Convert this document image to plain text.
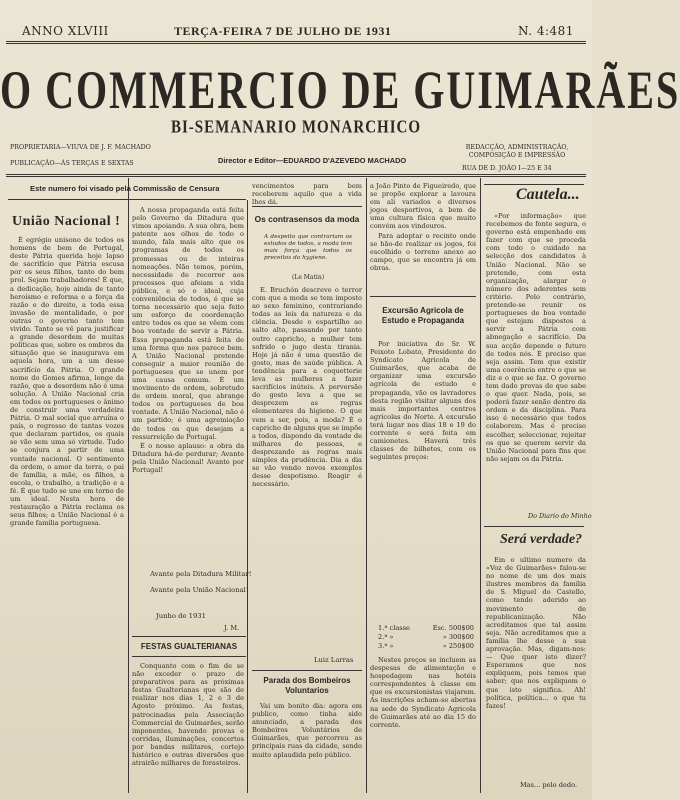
ANNO XLVIII	TERÇA-FEIRA 7 DE JULHO DE 1931	N. 4:481
O COMMERCIO DE GUIMARÃES
BI-SEMANARIO MONARCHICO
PROPRIETARIA—VIUVA DE J. F. MACHADO
PUBLICAÇÃO—ÁS TERÇAS E SEXTAS	Director e Editor—EDUARDO D'AZEVEDO MACHADO
REDACÇÃO, ADMINISTRAÇÃO, COMPOSIÇÃO E IMPRESSÃO
RUA DE D. JOÃO I—25 E 34
Este numero foi visado pela Commissão de Censura
União Nacional !

É egrégio unisono de todos os homens de bem de Portugal, deste Pátria querida hoje lapso de sacrifício que Pátria escusa por os seus filhos, tanto do bem prol. Sejam trabalhadores! É que, a dedicação, hoje ainda de tanto heroísmo e reforma e a força da razão e do direito, a toda essa invasão de mentalidade, o por outras o governo tanto tem vivido. Tanto se vê para justificar a grande desordem de muitas políticas que, sobre os ombros da situação que se inaugurava em aquela hora, um a um desse sacrifício da Pátria. O grande nome do Gomes afirma, longe da razão, que a desordem não é uma solução. A União Nacional cria em todos os portugueses o ânimo de construir uma verdadeira Pátria. O mal social que arruína o país, o regresso de tantas vozes que declaram partidos, os quais se vão sem uma só virtude. Tudo se conjura a partir de uma vontade nacional. O sentimento da ordem, o amor da terra, o pai de família, a mãe, os filhos, a escola, o trabalho, a tradição e a fé. É que tudo se une em torno de um ideal. Nesta hora de restauração a Pátria reclama os seus filhos; a União Nacional é a grande família portuguesa.

A nossa propaganda está feita pelo Governo da Ditadura que vimos apoiando. A sua obra, bem patente aos olhos de todo o mundo, fala mais alto que os programas de todos os promessas ou de inteiras nomeações. Não temos, porém, necessidade de recorrer aos processos que afeiam a vida pública, e só o ideal, cuja conveniência de todos, é que se torna necessário que seja feito um esforço de coordenação entre todos os que se vêem com boa vontade de servir a Pátria. Essa propaganda está feita de uma forma que nos parece bem. A União Nacional pretende conseguir a maior reunião de portugueses que se unem por uma causa comum. É um movimento de ordem, sobretudo de ordem moral, que abrange todos os portugueses de boa vontade. A União Nacional, não é um partido; é uma agremiação de todos os que desejam a ressurreição de Portugal.

É o nosso aplauso: a obra da Ditadura há-de perdurar; Avante pela União Nacional! Avante por Portugal!

Avante pela Ditadura Militar!
Avante pela União Nacional!
Junho de 1931
J. M.
FESTAS GUALTERIANAS

Conquanto com o fim de se não exceder o prazo de preparativos para as próximas festas Gualterianas que são de realizar nos dias 1, 2 e 3 de Agosto próximo. As festas, patrocinadas pela Associação Commercial de Guimarães, serão imponentes, havendo provas e corridas, iluminações, concertos por bandas militares, cortejo histórico e outras diversões que atrairão milhares de forasteiros.

vencimentos para bem receberem aquilo que a vida lhes dá.

Os contrasensos da moda

A despeito que contrariam os estudos de todos, a moda tem mais força que todos os preceitos da hygiene.

(Le Matin)

E. Bruchón descreve o terror com que a moda se tem imposto ao sexo feminino, contrariando todas as leis da natureza e da ciência. Desde o espartilho ao salto alto, passando por tanto outro capricho, a mulher tem sofrido o jugo desta tirania. Hoje já não é uma questão de gosto, mas de saúde pública. A tendência para a coquetterie leva as mulheres a fazer sacrifícios inúteis. A perversão do gosto leva a que se desprezem as regras elementares da higiene. O que vem a ser, pois, a moda? É o capricho de alguns que se impõe a todos, dispondo da vontade de milhares de pessoas, e desprezando as regras mais simples da prudência. Dia a dia se vão vendo novos exemplos desse despotismo. Reagir é necessário.

Luiz Larras
Parada dos Bombeiros Voluntarios

Vai um bonito dia: agora em publico, como tinha sido anunciado, a parada dos Bombeiros Voluntários de Guimarães, que percorreu as principais ruas da cidade, sendo muito aplaudida pelo público.

a João Pinto de Figueiredo, que se propõe explorar a lavoura em ali variados e diversos jogos desportivos, a bem de uma cultura física que muito convém aos vindouros.

Para adoptar o recinto onde se hão-de realizar os jogos, foi escolhido o terreno anexo ao campo, que se encontra já em obras.

Excursão Agricola de Estudo e Propaganda

Por iniciativa do Sr. W. Peixoto Lobato, Presidente do Syndicato Agricola de Guimarães, que acaba de organizar uma excursão agrícola de estudo e propaganda, vão os lavradores desta região visitar alguns dos mais importantes centros agrícolas do Norte. A excursão terá lugar nos dias 18 e 19 do corrente e será feita em camionetes. Haverá três classes de bilhetes, com os seguintes preços:

1.ª classe	Esc. 500$00
2.ª »	» 300$00
3.ª »	» 250$00

Nestes preços se incluem as despesas de alimentação e hospedagem nas hotéis correspondentes à classe em que os excursionistas viajarem. As inscrições acham-se abertas na sede do Syndicato Agricola de Guimarães até ao dia 15 do corrente.

Cautela...

«Por informação» que recebemos de fonte segura, o governo está empenhado em fazer com que se proceda com todo o cuidado na selecção dos candidatos à União Nacional. Não se pretende, com esta organização, alargar o número dos aderentes sem critério. Pelo contrário, pretende-se reunir os portugueses de boa vontade que estejam dispostos a servir a Pátria com abnegação e sacrifício. Da sua acção depende o futuro de todos nós. É preciso que seja assim. Tem que existir uma coerência entre o que se diz e o que se faz. O governo tem dado provas de que sabe o que quer. Nada, pois, se poderá fazer senão dentro da ordem e da disciplina. Para isso é necessário que todos colaborem. Mas é preciso escolher, seleccionar, rejeitar os que se querem servir da União Nacional para fins que não sejam os da Pátria.

Do Diario do Minho
Será verdade?

Em o ultimo numero da «Voz de Guimarães» falou-se no nome de um dos mais ilustres membros da família de S. Miguel do Castello, como tendo aderido ao movimento de republicanização. Não acreditamos que tal assim seja. Não acreditamos que a família lhe desse a sua aprovação. Mas, digam-nos: — Que quer isto dizer? Esperamos que nos expliquem, pois temos que saber; que nos expliquem o que isto significa. Ah! política, política... o que tu fazes!

Mas... pelo dedo.
